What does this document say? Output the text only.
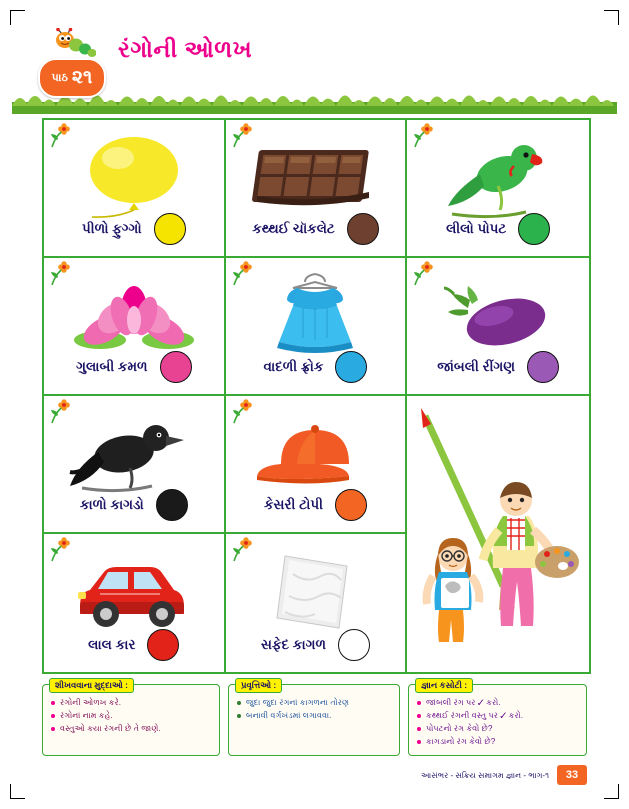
પાઠ ૨૧
રંગોની ઓળખ
પીળો ફુગ્ગો	કથ્થઈ ચૉકલેટ	લીલો પોપટ
ગુલાબી કમળ	વાદળી ફ્રોક	જાંબલી રીંગણ
કાળો કાગડો	કેસરી ટોપી
લાલ કાર	સફેદ કાગળ
શીખવવાના મુદ્દાઓ :
રંગોની ઓળખ કરે.
રંગોનાં નામ કહે.
વસ્તુઓ કયા રંગની છે તે જાણે.
પ્રવૃત્તિઓ :
જુદા જુદા રંગનાં કાગળના તોરણ
બનાવી વર્ગખંડમાં લગાવવા.
જ્ઞાન કસોટી :
જાંબલી રંગ પર ✓ કરો.
કથ્થઈ રંગની વસ્તુ પર ✓ કરો.
પોપટનો રંગ કેવો છે?
કાગડાનો રંગ કેવો છે?
આસંભર - સક્રિય સમાગમ જ્ઞાન - ભાગ-૧	33
